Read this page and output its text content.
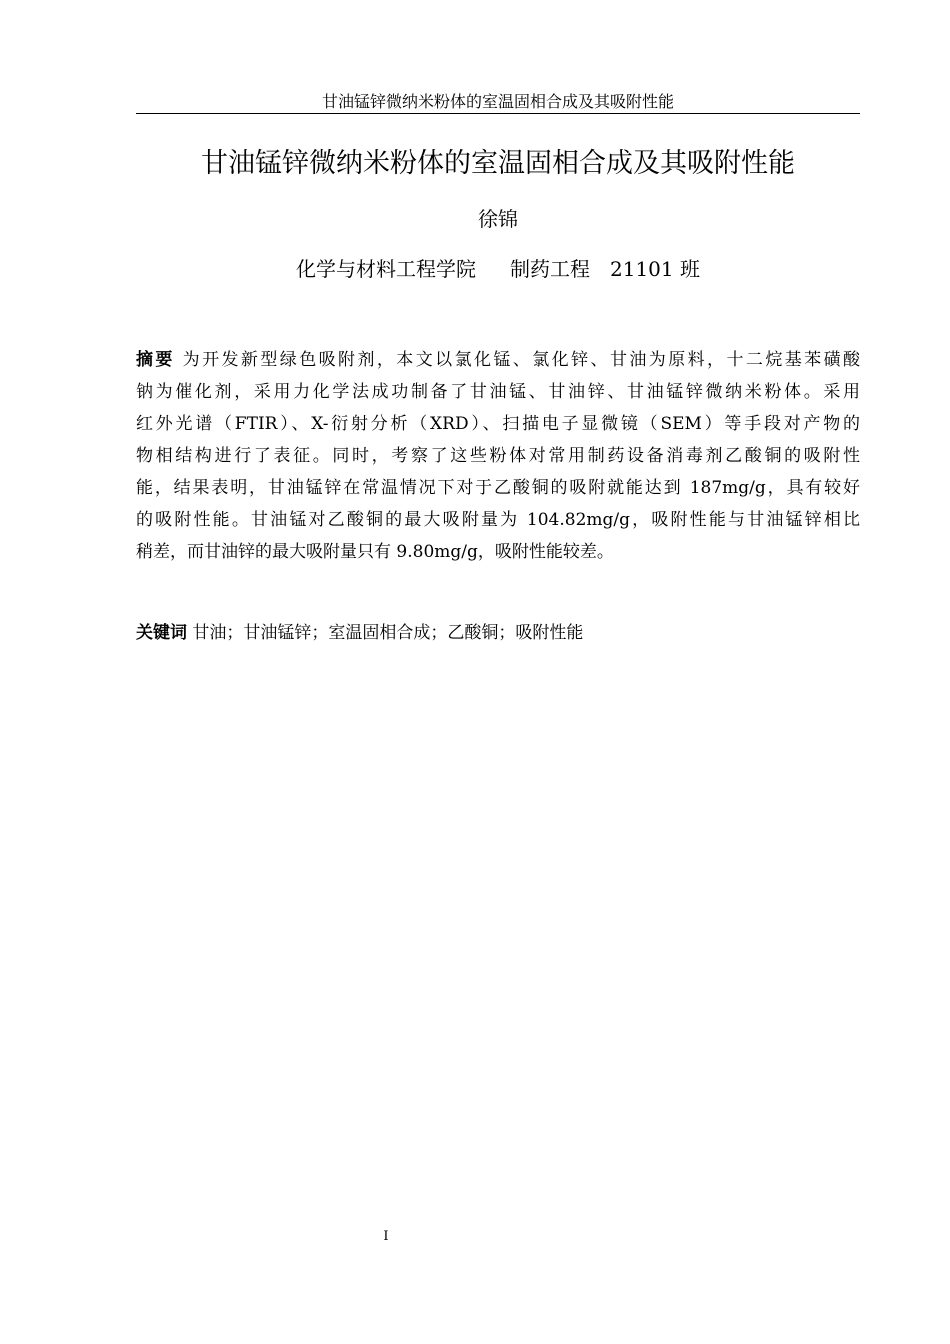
甘油锰锌微纳米粉体的室温固相合成及其吸附性能
甘油锰锌微纳米粉体的室温固相合成及其吸附性能
徐锦
化学与材料工程学院 制药工程 21101 班
摘要 为开发新型绿色吸附剂，本文以氯化锰、氯化锌、甘油为原料，十二烷基苯磺酸
钠为催化剂，采用力化学法成功制备了甘油锰、甘油锌、甘油锰锌微纳米粉体。采用
红外光谱（FTIR）、X-衍射分析（XRD）、扫描电子显微镜（SEM）等手段对产物的
物相结构进行了表征。同时，考察了这些粉体对常用制药设备消毒剂乙酸铜的吸附性
能，结果表明，甘油锰锌在常温情况下对于乙酸铜的吸附就能达到 187mg/g，具有较好
的吸附性能。甘油锰对乙酸铜的最大吸附量为 104.82mg/g，吸附性能与甘油锰锌相比
稍差，而甘油锌的最大吸附量只有 9.80mg/g，吸附性能较差。
关键词 甘油；甘油锰锌；室温固相合成；乙酸铜；吸附性能
I
